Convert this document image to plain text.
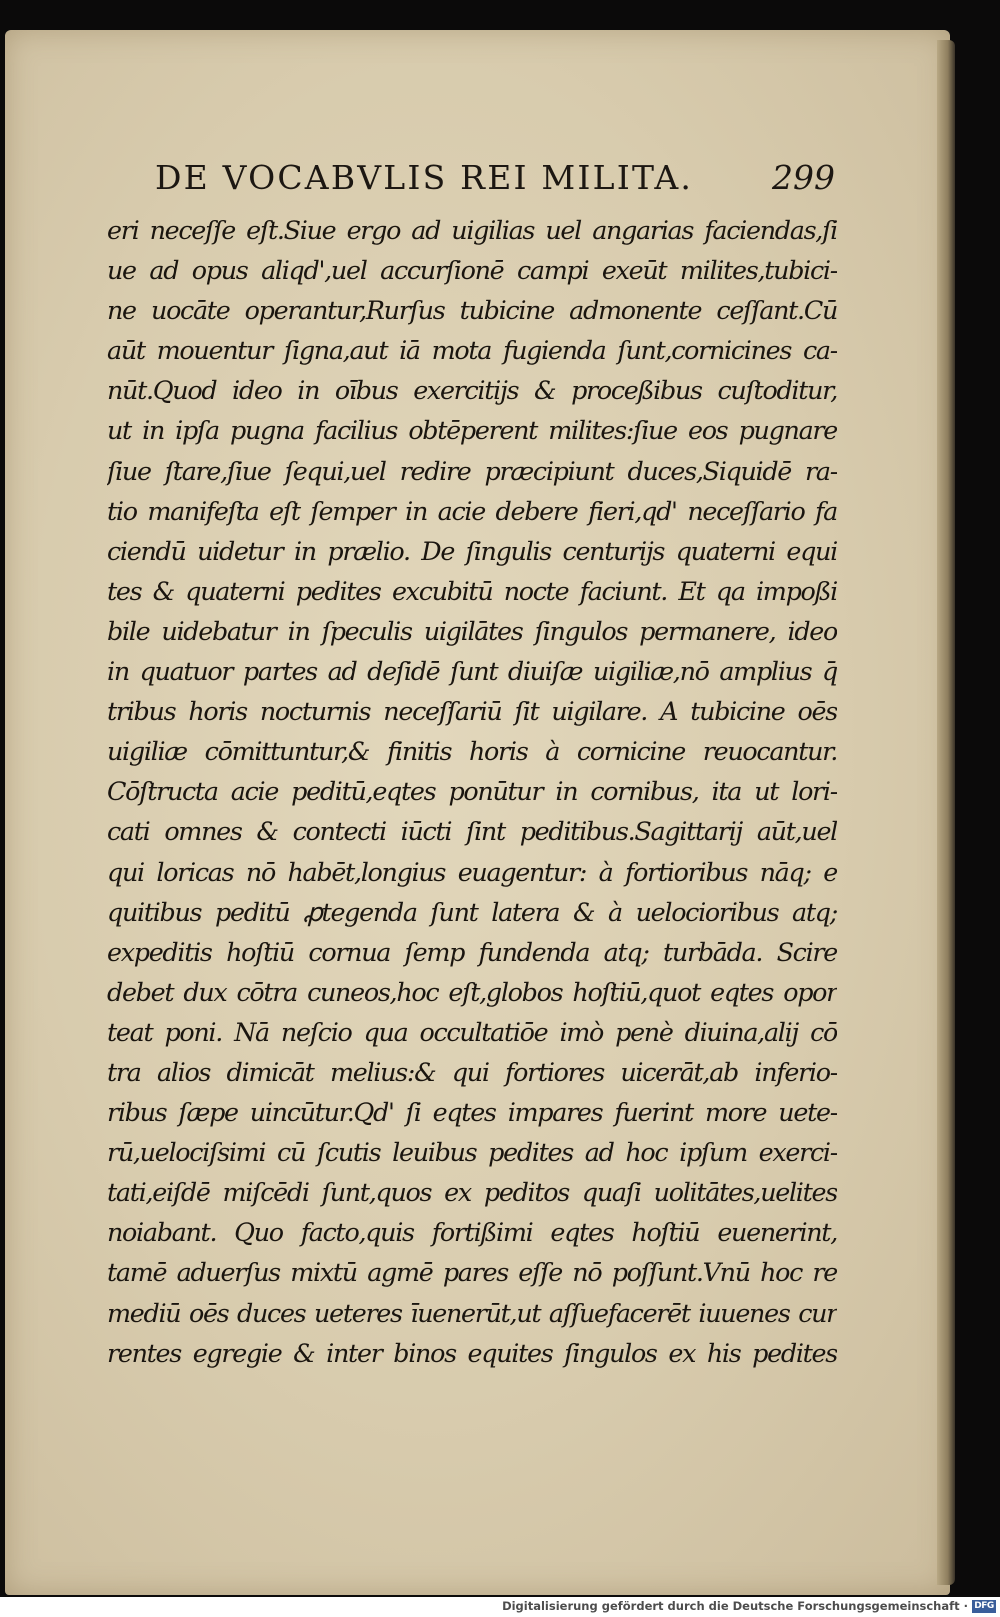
DE VOCABVLIS REI MILITA. 299
eri neceſſe eſt.Siue ergo ad uigilias uel angarias faciendas,ſi
ue ad opus aliqd',uel accurſionē campi exeūt milites,tubici-
ne uocāte operantur,Rurſus tubicine admonente ceſſant.Cū
aūt mouentur ſigna,aut iā mota fugienda ſunt,cornicines ca-
nūt.Quod ideo in oībus exercitijs & proceßibus cuſtoditur,
ut in ipſa pugna facilius obtēperent milites:ſiue eos pugnare
ſiue ſtare,ſiue ſequi,uel redire præcipiunt duces,Siquidē ra-
tio manifeſta eſt ſemper in acie debere fieri,qd' neceſſario fa
ciendū uidetur in prælio. De ſingulis centurijs quaterni equi
tes & quaterni pedites excubitū nocte faciunt. Et qa impoßi
bile uidebatur in ſpeculis uigilātes ſingulos permanere, ideo
in quatuor partes ad deſidē ſunt diuiſæ uigiliæ,nō amplius q̄
tribus horis nocturnis neceſſariū ſit uigilare. A tubicine oēs
uigiliæ cōmittuntur,& finitis horis à cornicine reuocantur.
Cōſtructa acie peditū,eqtes ponūtur in cornibus, ita ut lori-
cati omnes & contecti iūcti ſint peditibus.Sagittarij aūt,uel
qui loricas nō habēt,longius euagentur: à fortioribus nāq; e
quitibus peditū ꝓtegenda ſunt latera & à uelocioribus atq;
expeditis hoſtiū cornua ſemp fundenda atq; turbāda. Scire
debet dux cōtra cuneos,hoc eſt,globos hoſtiū,quot eqtes opor
teat poni. Nā neſcio qua occultatiōe imò penè diuina,alij cō
tra alios dimicāt melius:& qui fortiores uicerāt,ab inferio-
ribus ſæpe uincūtur.Qd' ſi eqtes impares fuerint more uete-
rū,uelociſsimi cū ſcutis leuibus pedites ad hoc ipſum exerci-
tati,eiſdē miſcēdi ſunt,quos ex peditos quaſi uolitātes,uelites
noiabant. Quo facto,quis fortißimi eqtes hoſtiū euenerint,
tamē aduerſus mixtū agmē pares eſſe nō poſſunt.Vnū hoc re
mediū oēs duces ueteres īuenerūt,ut aſſuefacerēt iuuenes cur
rentes egregie & inter binos equites ſingulos ex his pedites
Digitalisierung gefördert durch die Deutsche Forschungsgemeinschaft · DFG
